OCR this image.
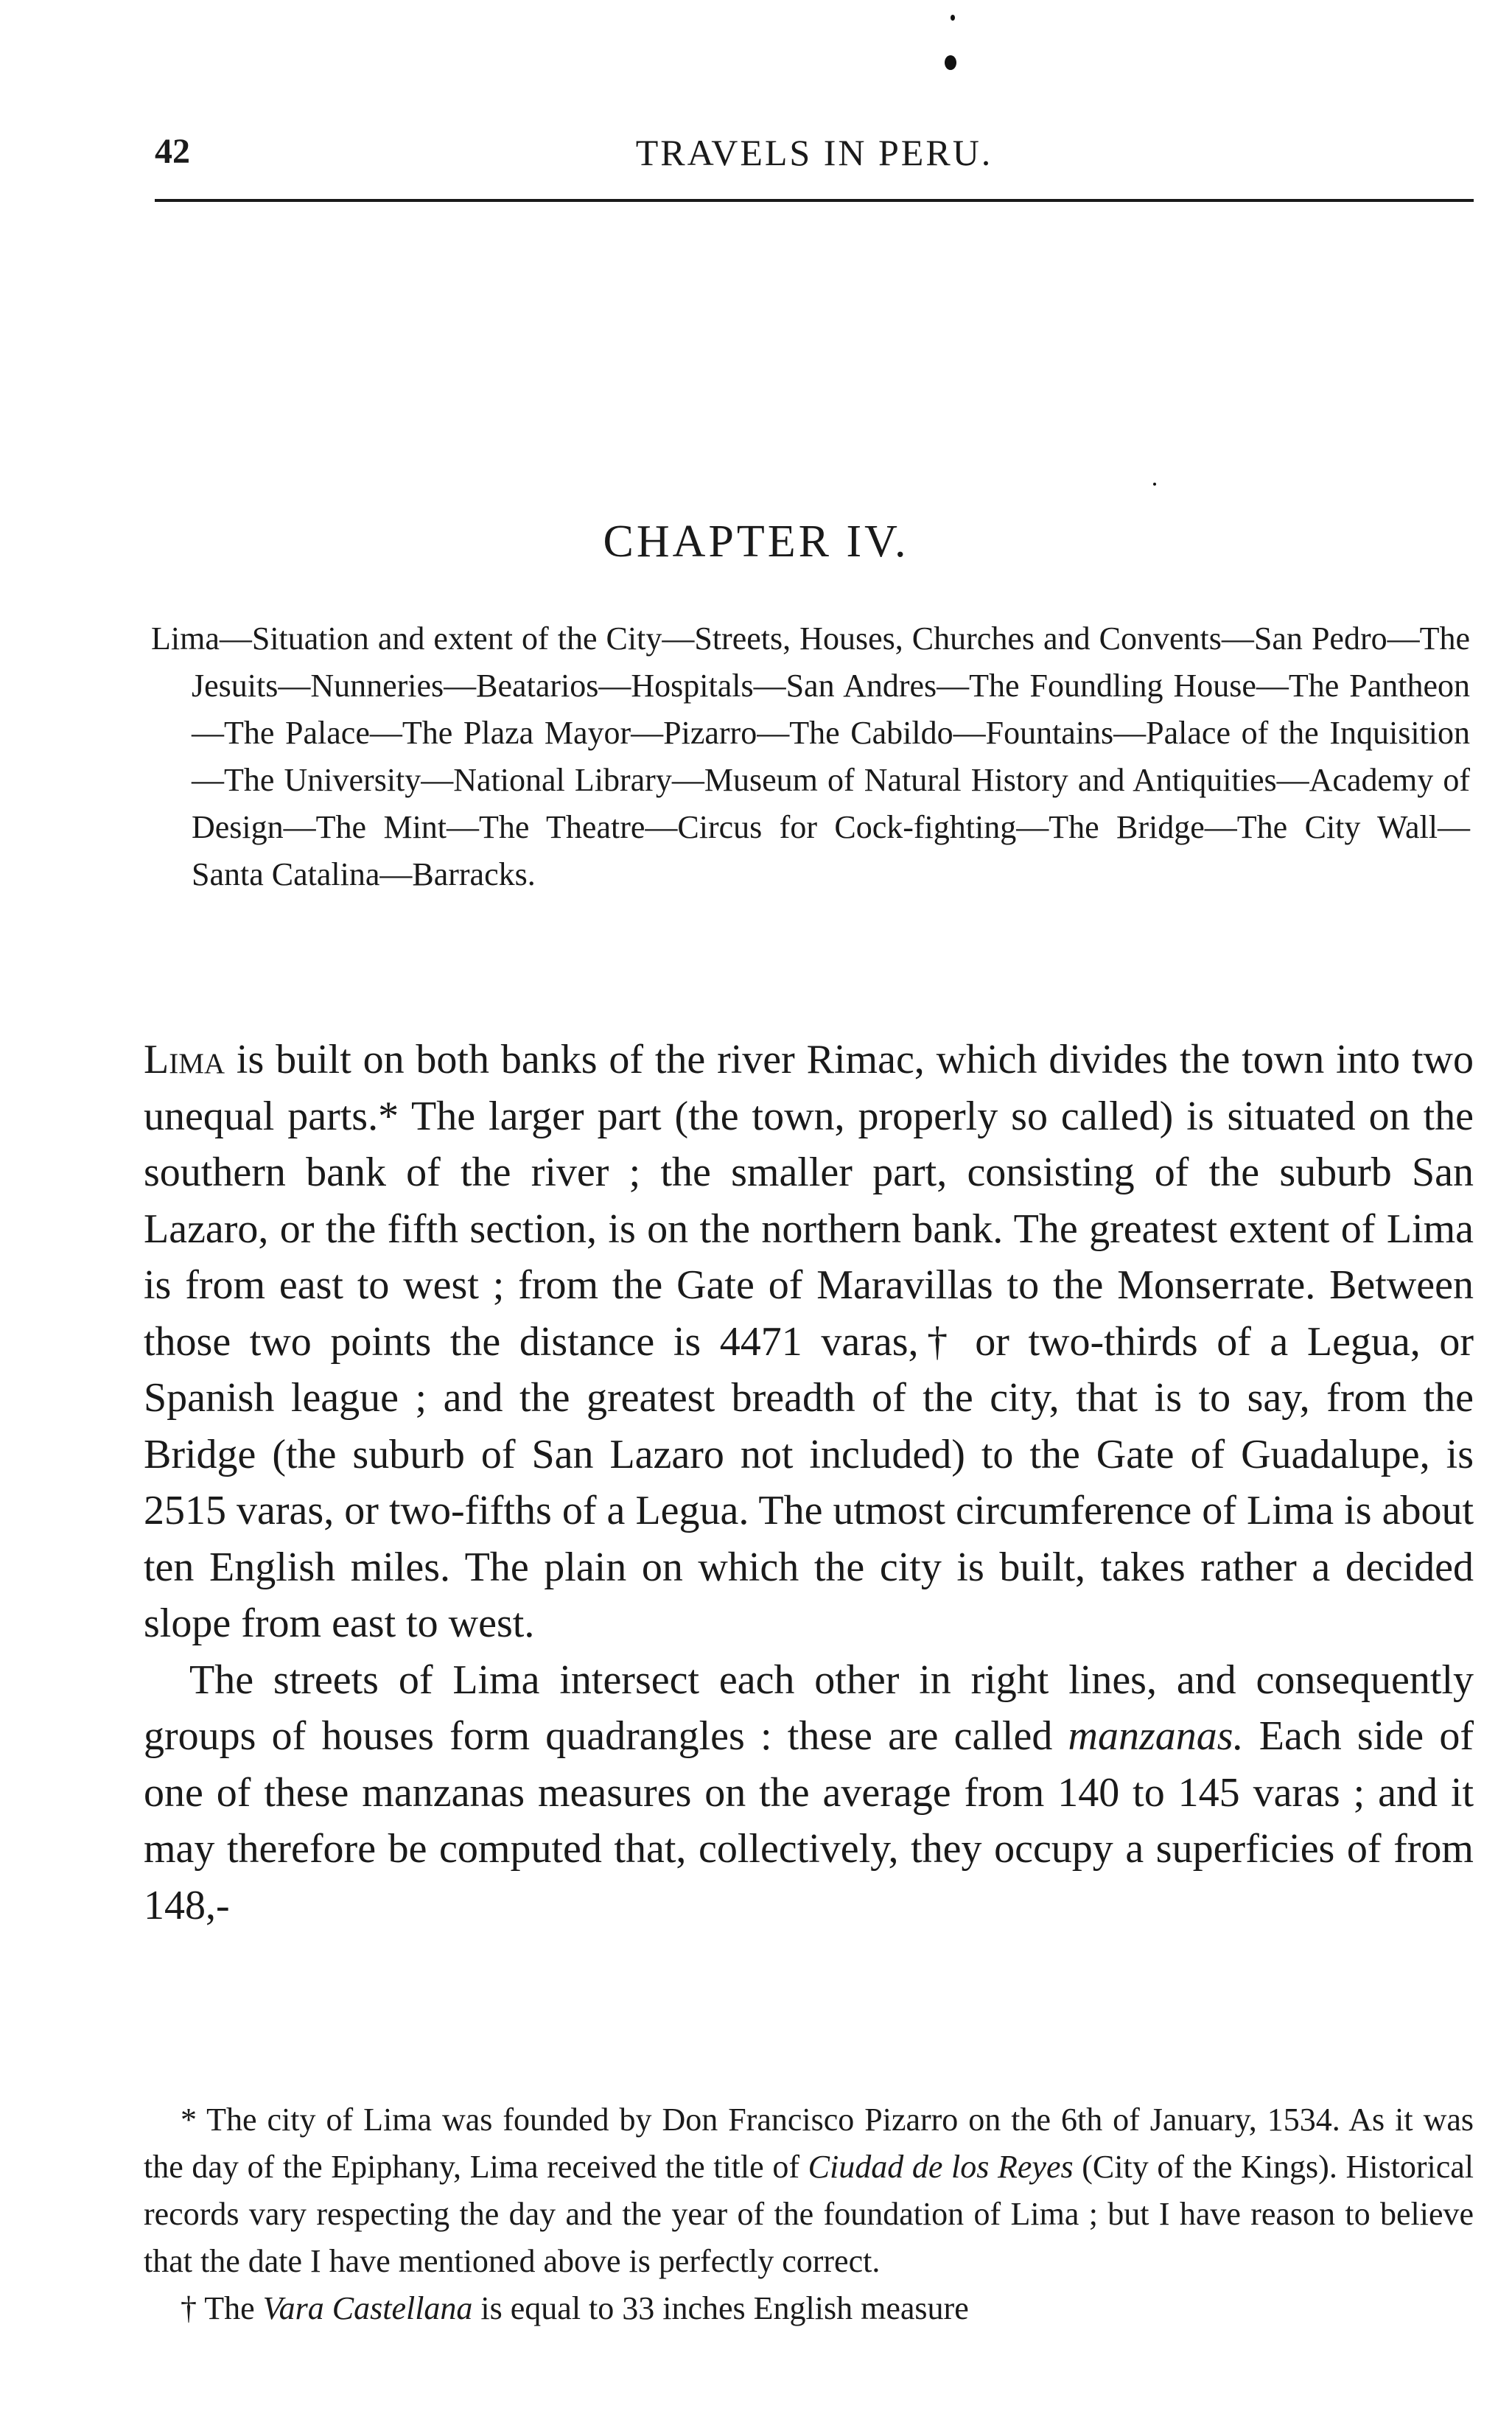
42	TRAVELS IN PERU.
CHAPTER IV.

Lima—Situation and extent of the City—Streets, Houses, Churches and Convents—San Pedro—The Jesuits—Nunneries—Beatarios—Hospitals—San Andres—The Foundling House—The Pantheon—The Palace—The Plaza Mayor—Pizarro—The Cabildo—Fountains—Palace of the Inquisition—The University—National Library—Museum of Natural History and Antiquities—Academy of Design—The Mint—The Theatre—Circus for Cock-fighting—The Bridge—The City Wall—Santa Catalina—Barracks.

Lima is built on both banks of the river Rimac, which divides the town into two unequal parts.* The larger part (the town, properly so called) is situated on the southern bank of the river ; the smaller part, consisting of the suburb San Lazaro, or the fifth section, is on the northern bank. The greatest extent of Lima is from east to west ; from the Gate of Maravillas to the Monserrate. Between those two points the distance is 4471 varas,† or two-thirds of a Legua, or Spanish league ; and the greatest breadth of the city, that is to say, from the Bridge (the suburb of San Lazaro not included) to the Gate of Guadalupe, is 2515 varas, or two-fifths of a Legua. The utmost circumference of Lima is about ten English miles. The plain on which the city is built, takes rather a decided slope from east to west.

The streets of Lima intersect each other in right lines, and consequently groups of houses form quadrangles : these are called manzanas. Each side of one of these manzanas measures on the average from 140 to 145 varas ; and it may therefore be computed that, collectively, they occupy a superficies of from 148,-

* The city of Lima was founded by Don Francisco Pizarro on the 6th of January, 1534. As it was the day of the Epiphany, Lima received the title of Ciudad de los Reyes (City of the Kings). Historical records vary respecting the day and the year of the foundation of Lima ; but I have reason to believe that the date I have mentioned above is perfectly correct.

† The Vara Castellana is equal to 33 inches English measure
